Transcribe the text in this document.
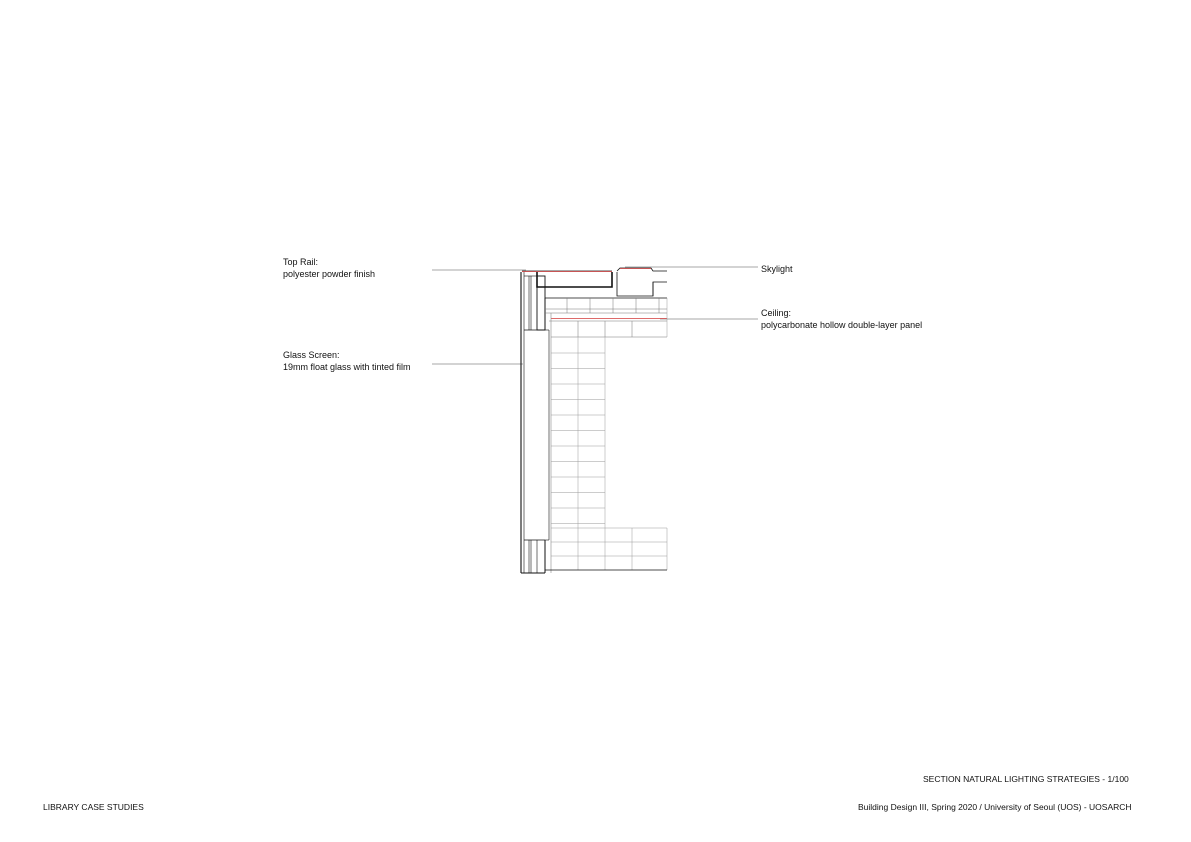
Top Rail:
polyester powder finish
Glass Screen:
19mm float glass with tinted film
Skylight
Ceiling:
polycarbonate hollow double-layer panel
SECTION NATURAL LIGHTING STRATEGIES - 1/100
LIBRARY CASE STUDIES	Building Design III, Spring 2020 / University of Seoul (UOS) - UOSARCH
